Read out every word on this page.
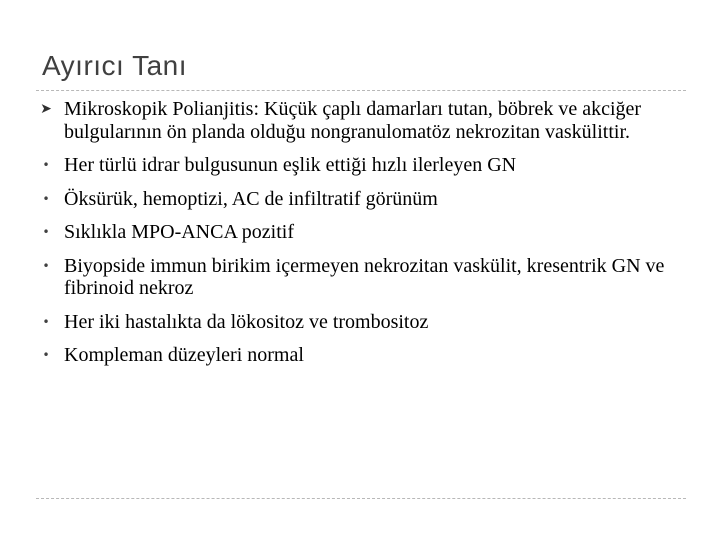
Ayırıcı Tanı
➤ Mikroskopik Polianjitis: Küçük çaplı damarları tutan, böbrek ve akciğer bulgularının ön planda olduğu nongranulomatöz nekrozitan vaskülittir.
• Her türlü idrar bulgusunun eşlik ettiği hızlı ilerleyen GN
• Öksürük, hemoptizi, AC de infiltratif görünüm
• Sıklıkla MPO-ANCA pozitif
• Biyopside immun birikim içermeyen nekrozitan vaskülit, kresentrik GN ve fibrinoid nekroz
• Her iki hastalıkta da lökositoz ve trombositoz
• Kompleman düzeyleri normal
